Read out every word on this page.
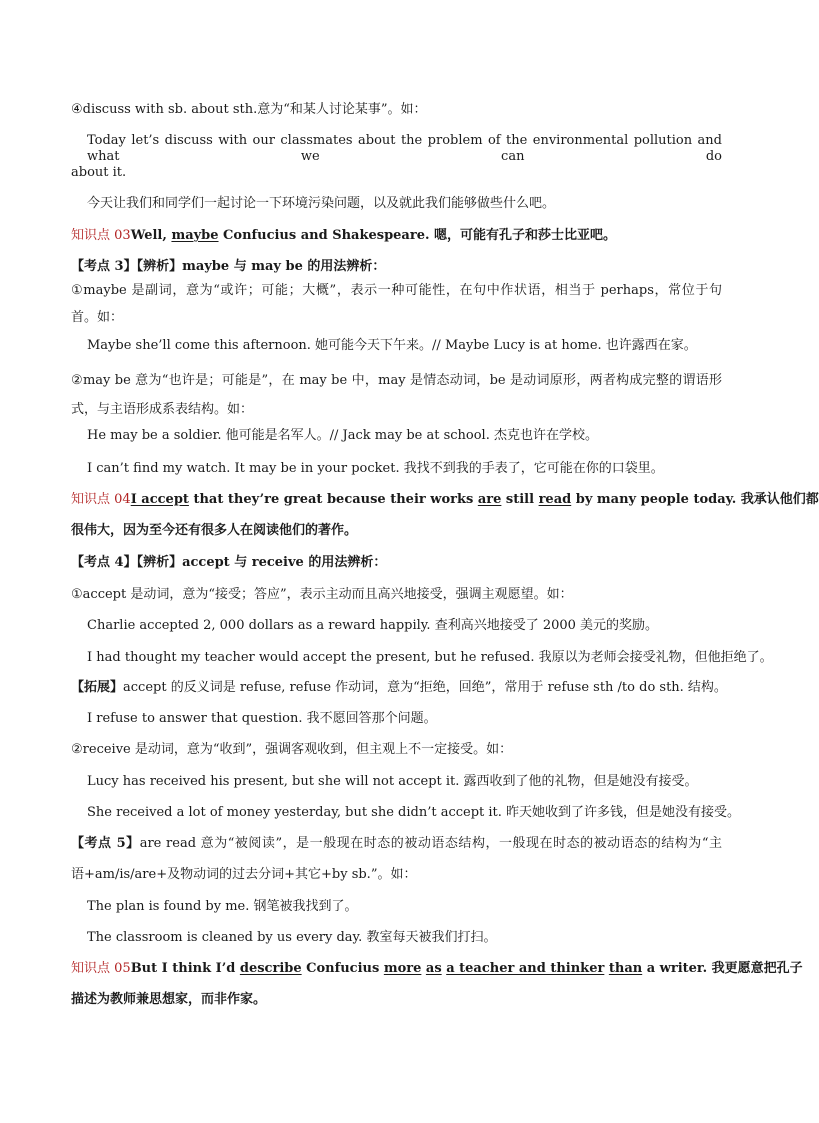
④discuss with sb. about sth.意为“和某人讨论某事”。如：
Today let’s discuss with our classmates about the problem of the environmental pollution and what we can do
about it.
今天让我们和同学们一起讨论一下环境污染问题，以及就此我们能够做些什么吧。
知识点 03Well, maybe Confucius and Shakespeare. 嗯，可能有孔子和莎士比亚吧。
【考点 3】【辨析】maybe 与 may be 的用法辨析：
①maybe 是副词，意为“或许；可能；大概”，表示一种可能性，在句中作状语，相当于 perhaps，常位于句
首。如：
Maybe she’ll come this afternoon. 她可能今天下午来。// Maybe Lucy is at home. 也许露西在家。
②may be 意为“也许是；可能是”，在 may be 中，may 是情态动词，be 是动词原形，两者构成完整的谓语形
式，与主语形成系表结构。如：
He may be a soldier. 他可能是名军人。// Jack may be at school. 杰克也许在学校。
I can’t find my watch. It may be in your pocket. 我找不到我的手表了，它可能在你的口袋里。
知识点 04I accept that they’re great because their works are still read by many people today. 我承认他们都
很伟大，因为至今还有很多人在阅读他们的著作。
【考点 4】【辨析】accept 与 receive 的用法辨析：
①accept 是动词，意为“接受；答应”，表示主动而且高兴地接受，强调主观愿望。如：
Charlie accepted 2, 000 dollars as a reward happily. 查利高兴地接受了 2000 美元的奖励。
I had thought my teacher would accept the present, but he refused. 我原以为老师会接受礼物，但他拒绝了。
【拓展】accept 的反义词是 refuse, refuse 作动词，意为“拒绝，回绝”，常用于 refuse sth /to do sth. 结构。
I refuse to answer that question. 我不愿回答那个问题。
②receive 是动词，意为“收到”，强调客观收到，但主观上不一定接受。如：
Lucy has received his present, but she will not accept it. 露西收到了他的礼物，但是她没有接受。
She received a lot of money yesterday, but she didn’t accept it. 昨天她收到了许多钱，但是她没有接受。
【考点 5】are read 意为“被阅读”，是一般现在时态的被动语态结构，一般现在时态的被动语态的结构为“主
语+am/is/are+及物动词的过去分词+其它+by sb.”。如：
The plan is found by me. 钢笔被我找到了。
The classroom is cleaned by us every day. 教室每天被我们打扫。
知识点 05But I think I’d describe Confucius more as a teacher and thinker than a writer. 我更愿意把孔子
描述为教师兼思想家，而非作家。
